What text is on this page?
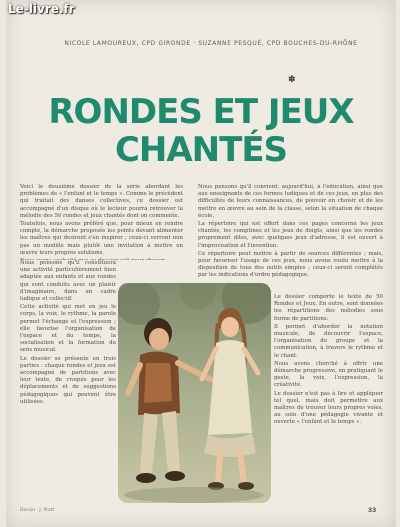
Le-livre.fr
NICOLE LAMOUREUX, CPD GIRONDE · SUZANNE PESQUÉ, CPD BOUCHES-DU-RHÔNE
✽
RONDES ET JEUX
CHANTÉS

Voici le deuxième dossier de la série abordant les problèmes de « l'enfant et le temps ». Comme le précédent qui traitait des danses collectives, ce dossier est accompagné d'un disque où le lecteur pourra retrouver la mélodie des 50 rondes et jeux chantés dont on commente.

Toutefois, nous avons préféré que, pour mieux en rendre compte, la démarche proposée les points devant alimenter les maîtres qui desirent s'en inspirer ; ceux-ci verront non pas un modèle mais plutôt une invitation à mettre en œuvre leurs propres solutions.

Nous pensons qu'il constituera une activité particulièrement bien adaptée aux enfants et aux rondes qui sont conduits avec un plaisir d'imaginaire, dans un cadre ludique et collectif.

Cette activité qui met en jeu le corps, la voix, le rythme, la parole permet l'échange et l'expression ; elle favorise l'organisation de l'espace et du temps, la socialisation et la formation du sens musical.

Le dossier se présente en trois parties : chaque rondes et jeux est accompagné de partitions avec leur texte, de croquis pour les déplacements et de suggestions pédagogiques qui peuvent être utilisées.

Nous pensons qu'il convient, aujourd'hui, à l'éducation, ainsi que aux enseignants de ces formes ludiques et de ces jeux, en plus des difficultés de leurs connaissances, de pouvoir en choisir et de les mettre en œuvre au sein de la classe, selon la situation de chaque école.

La répertoire qui est offert dans ces pages concerne les jeux chantés, les comptines et les jeux de doigts, ainsi que les rondes proprement dites, avec quelques jeux d'adresse, il est ouvert à l'improvisation et l'invention.

Ce répertoire peut mettre à partir de sources différentes ; mais, pour favoriser l'usage de ces jeux, nous avons voulu mettre à la disposition de tous des outils simples ; ceux-ci seront complétés par les indications d'ordre pédagogique.

Le dossier comporte le texte de 50 Rondes et Jeux. En outre, sont données les répartitions des mélodies sous forme de partitions.

Il permet d'aborder la notation musicale, de découvrir l'espace, l'organisation du groupe et la communication, à travers le rythme et le chant.

Nous avons cherché à offrir une démarche progressive, en pratiquant le geste, la voix, l'expression, la créativité.

Le dossier n'est pas à lire et appliquer tel quel, mais doit permettre aux maîtres de trouver leurs propres voies, au sein d'une pédagogie vivante et ouverte « l'enfant et le temps ».

Dessin : J. Pratt	33
